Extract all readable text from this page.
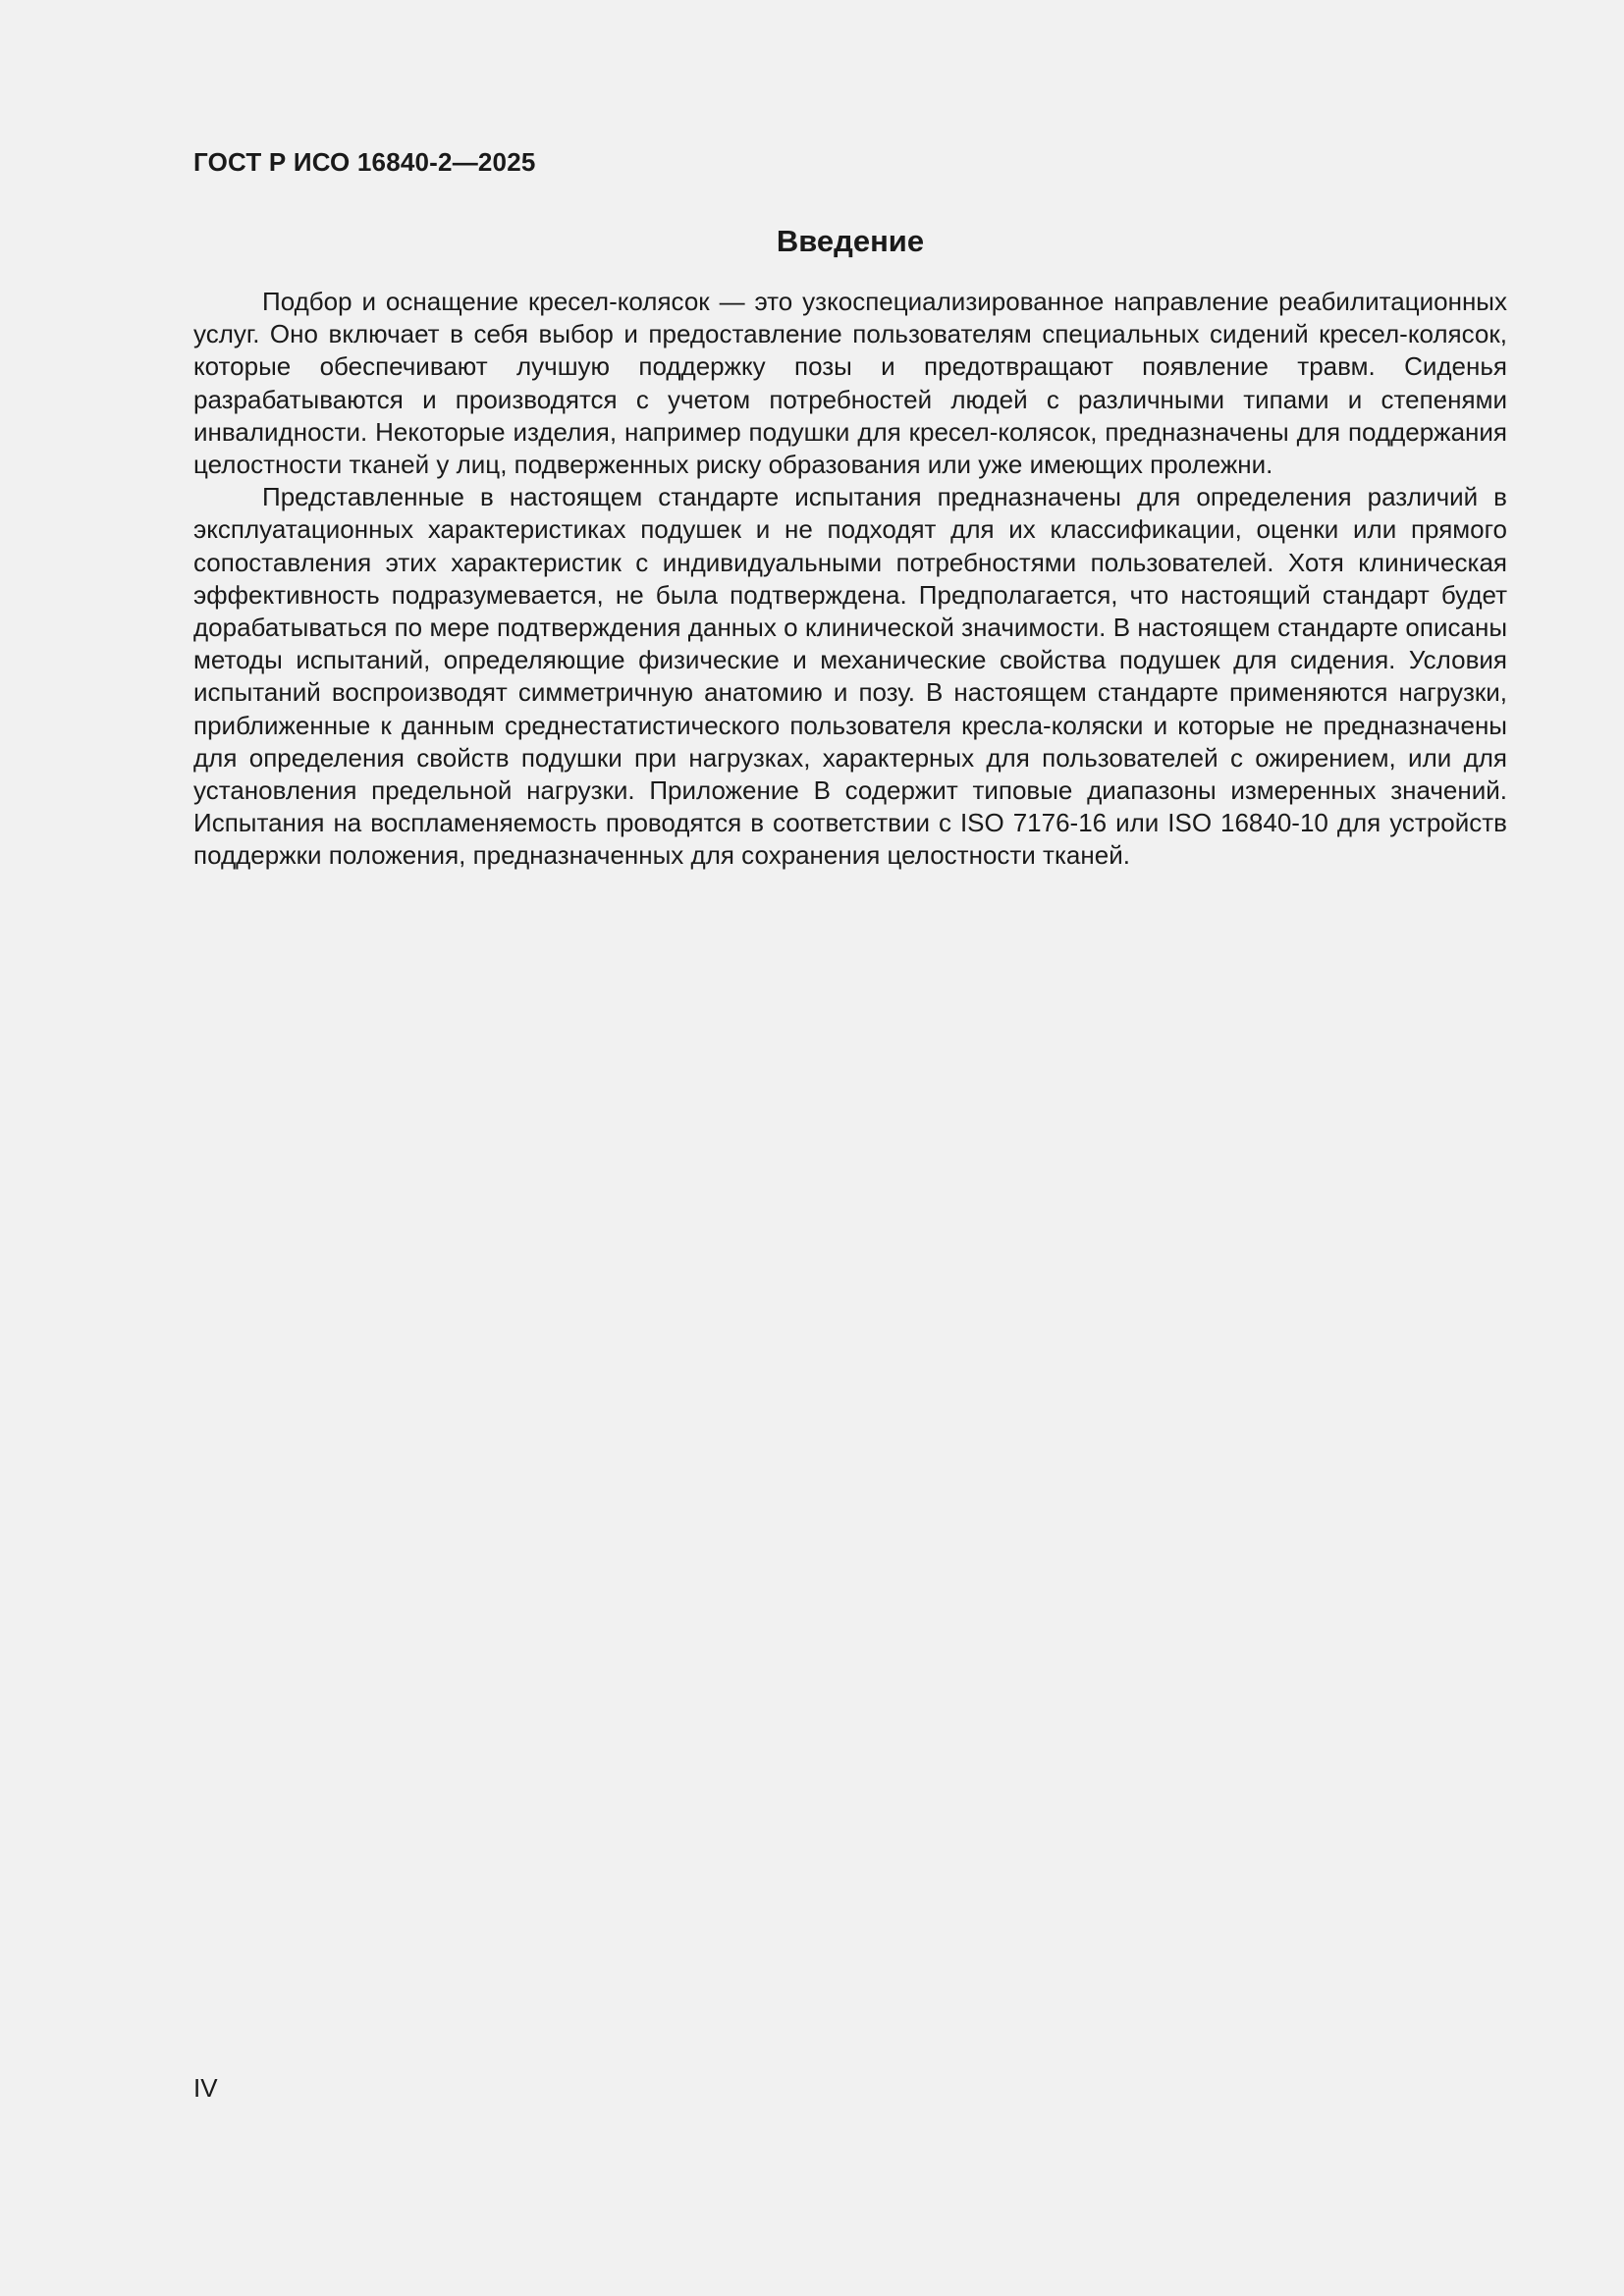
ГОСТ Р ИСО 16840-2—2025
Введение

Подбор и оснащение кресел-колясок — это узкоспециализированное направление реабилитационных услуг. Оно включает в себя выбор и предоставление пользователям специальных сидений кресел-колясок, которые обеспечивают лучшую поддержку позы и предотвращают появление травм. Сиденья разрабатываются и производятся с учетом потребностей людей с различными типами и степенями инвалидности. Некоторые изделия, например подушки для кресел-колясок, предназначены для поддержания целостности тканей у лиц, подверженных риску образования или уже имеющих пролежни.

Представленные в настоящем стандарте испытания предназначены для определения различий в эксплуатационных характеристиках подушек и не подходят для их классификации, оценки или прямого сопоставления этих характеристик с индивидуальными потребностями пользователей. Хотя клиническая эффективность подразумевается, не была подтверждена. Предполагается, что настоящий стандарт будет дорабатываться по мере подтверждения данных о клинической значимости. В настоящем стандарте описаны методы испытаний, определяющие физические и механические свойства подушек для сидения. Условия испытаний воспроизводят симметричную анатомию и позу. В настоящем стандарте применяются нагрузки, приближенные к данным среднестатистического пользователя кресла-коляски и которые не предназначены для определения свойств подушки при нагрузках, характерных для пользователей с ожирением, или для установления предельной нагрузки. Приложение В содержит типовые диапазоны измеренных значений. Испытания на воспламеняемость проводятся в соответствии с ISO 7176-16 или ISO 16840-10 для устройств поддержки положения, предназначенных для сохранения целостности тканей.

IV
